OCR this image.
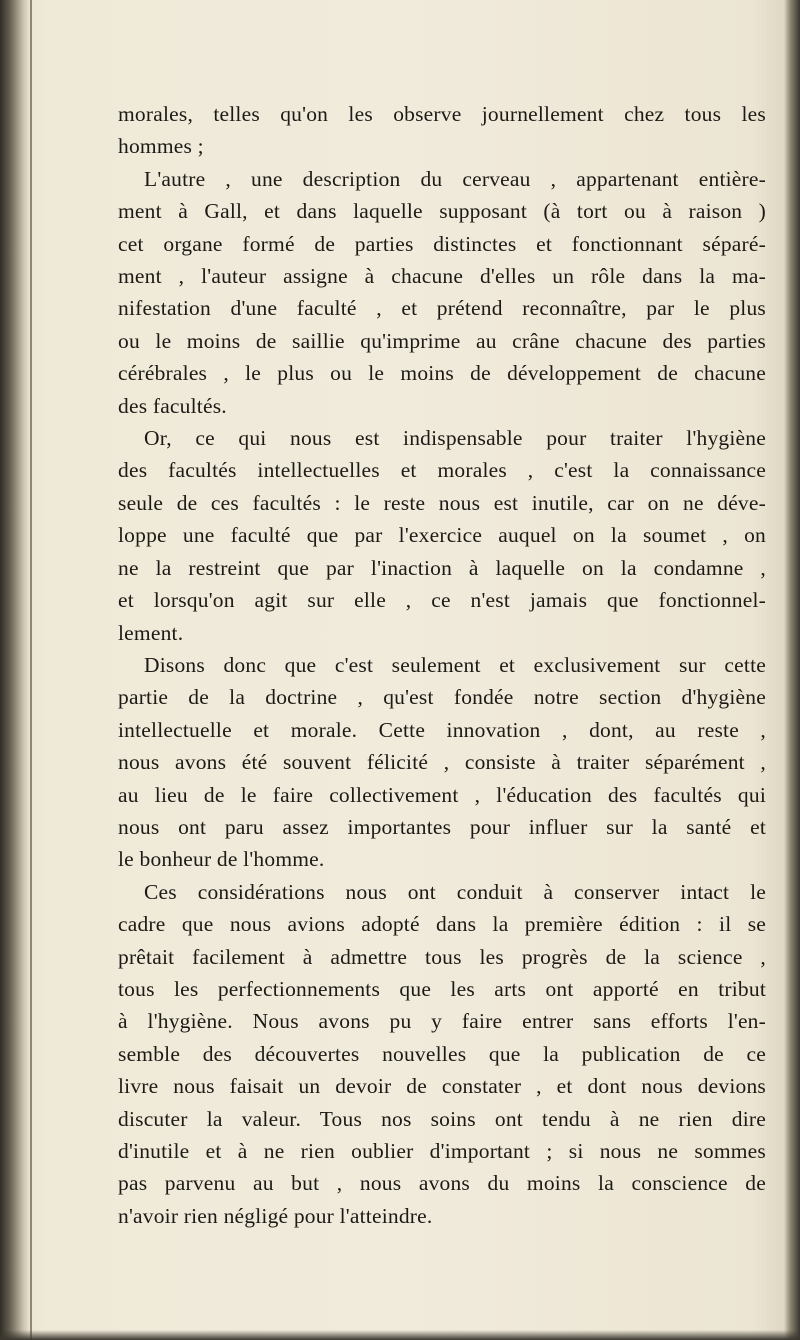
morales, telles qu'on les observe journellement chez tous les
hommes ;
L'autre , une description du cerveau , appartenant entière-
ment à Gall, et dans laquelle supposant (à tort ou à raison )
cet organe formé de parties distinctes et fonctionnant séparé-
ment , l'auteur assigne à chacune d'elles un rôle dans la ma-
nifestation d'une faculté , et prétend reconnaître, par le plus
ou le moins de saillie qu'imprime au crâne chacune des parties
cérébrales , le plus ou le moins de développement de chacune
des facultés.
Or, ce qui nous est indispensable pour traiter l'hygiène
des facultés intellectuelles et morales , c'est la connaissance
seule de ces facultés : le reste nous est inutile, car on ne déve-
loppe une faculté que par l'exercice auquel on la soumet , on
ne la restreint que par l'inaction à laquelle on la condamne ,
et lorsqu'on agit sur elle , ce n'est jamais que fonctionnel-
lement.
Disons donc que c'est seulement et exclusivement sur cette
partie de la doctrine , qu'est fondée notre section d'hygiène
intellectuelle et morale. Cette innovation , dont, au reste ,
nous avons été souvent félicité , consiste à traiter séparément ,
au lieu de le faire collectivement , l'éducation des facultés qui
nous ont paru assez importantes pour influer sur la santé et
le bonheur de l'homme.
Ces considérations nous ont conduit à conserver intact le
cadre que nous avions adopté dans la première édition : il se
prêtait facilement à admettre tous les progrès de la science ,
tous les perfectionnements que les arts ont apporté en tribut
à l'hygiène. Nous avons pu y faire entrer sans efforts l'en-
semble des découvertes nouvelles que la publication de ce
livre nous faisait un devoir de constater , et dont nous devions
discuter la valeur. Tous nos soins ont tendu à ne rien dire
d'inutile et à ne rien oublier d'important ; si nous ne sommes
pas parvenu au but , nous avons du moins la conscience de
n'avoir rien négligé pour l'atteindre.
